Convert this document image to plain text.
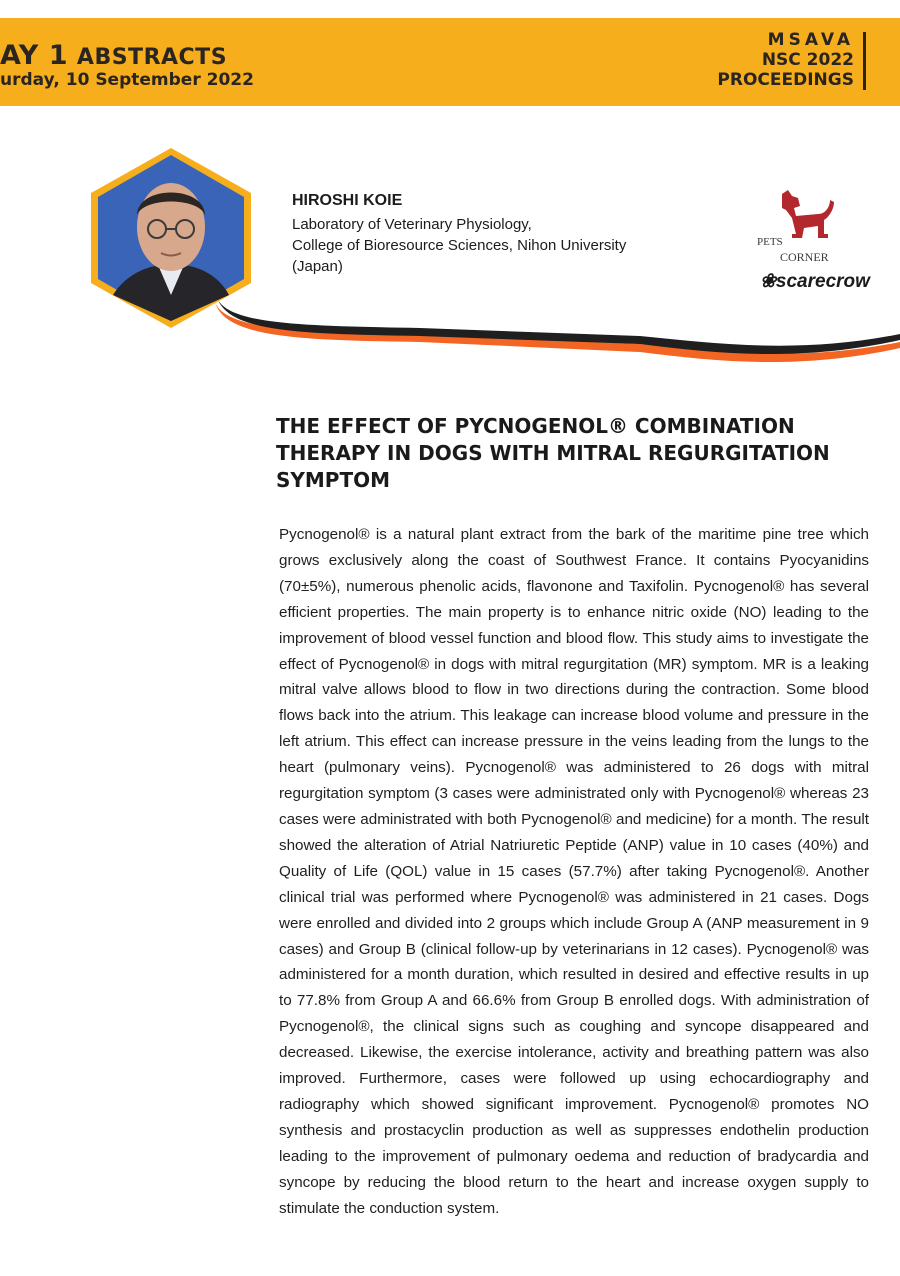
AY 1 ABSTRACTS
urday, 10 September 2022
MSAVA
NSC 2022
PROCEEDINGS
HIROSHI KOIE
Laboratory of Veterinary Physiology,
College of Bioresource Sciences, Nihon University
(Japan)
PETS
CORNER
❀scarecrow
THE EFFECT OF PYCNOGENOL® COMBINATION THERAPY IN DOGS WITH MITRAL REGURGITATION SYMPTOM

Pycnogenol® is a natural plant extract from the bark of the maritime pine tree which grows exclusively along the coast of Southwest France. It contains Pyocyanidins (70±5%), numerous phenolic acids, flavonone and Taxifolin. Pycnogenol® has several efficient properties. The main property is to enhance nitric oxide (NO) leading to the improvement of blood vessel function and blood flow. This study aims to investigate the effect of Pycnogenol® in dogs with mitral regurgitation (MR) symptom. MR is a leaking mitral valve allows blood to flow in two directions during the contraction. Some blood flows back into the atrium. This leakage can increase blood volume and pressure in the left atrium. This effect can increase pressure in the veins leading from the lungs to the heart (pulmonary veins). Pycnogenol® was administered to 26 dogs with mitral regurgitation symptom (3 cases were administrated only with Pycnogenol® whereas 23 cases were administrated with both Pycnogenol® and medicine) for a month. The result showed the alteration of Atrial Natriuretic Peptide (ANP) value in 10 cases (40%) and Quality of Life (QOL) value in 15 cases (57.7%) after taking Pycnogenol®. Another clinical trial was performed where Pycnogenol® was administered in 21 cases. Dogs were enrolled and divided into 2 groups which include Group A (ANP measurement in 9 cases) and Group B (clinical follow-up by veterinarians in 12 cases). Pycnogenol® was administered for a month duration, which resulted in desired and effective results in up to 77.8% from Group A and 66.6% from Group B enrolled dogs. With administration of Pycnogenol®, the clinical signs such as coughing and syncope disappeared and decreased. Likewise, the exercise intolerance, activity and breathing pattern was also improved. Furthermore, cases were followed up using echocardiography and radiography which showed significant improvement. Pycnogenol® promotes NO synthesis and prostacyclin production as well as suppresses endothelin production leading to the improvement of pulmonary oedema and reduction of bradycardia and syncope by reducing the blood return to the heart and increase oxygen supply to stimulate the conduction system.
